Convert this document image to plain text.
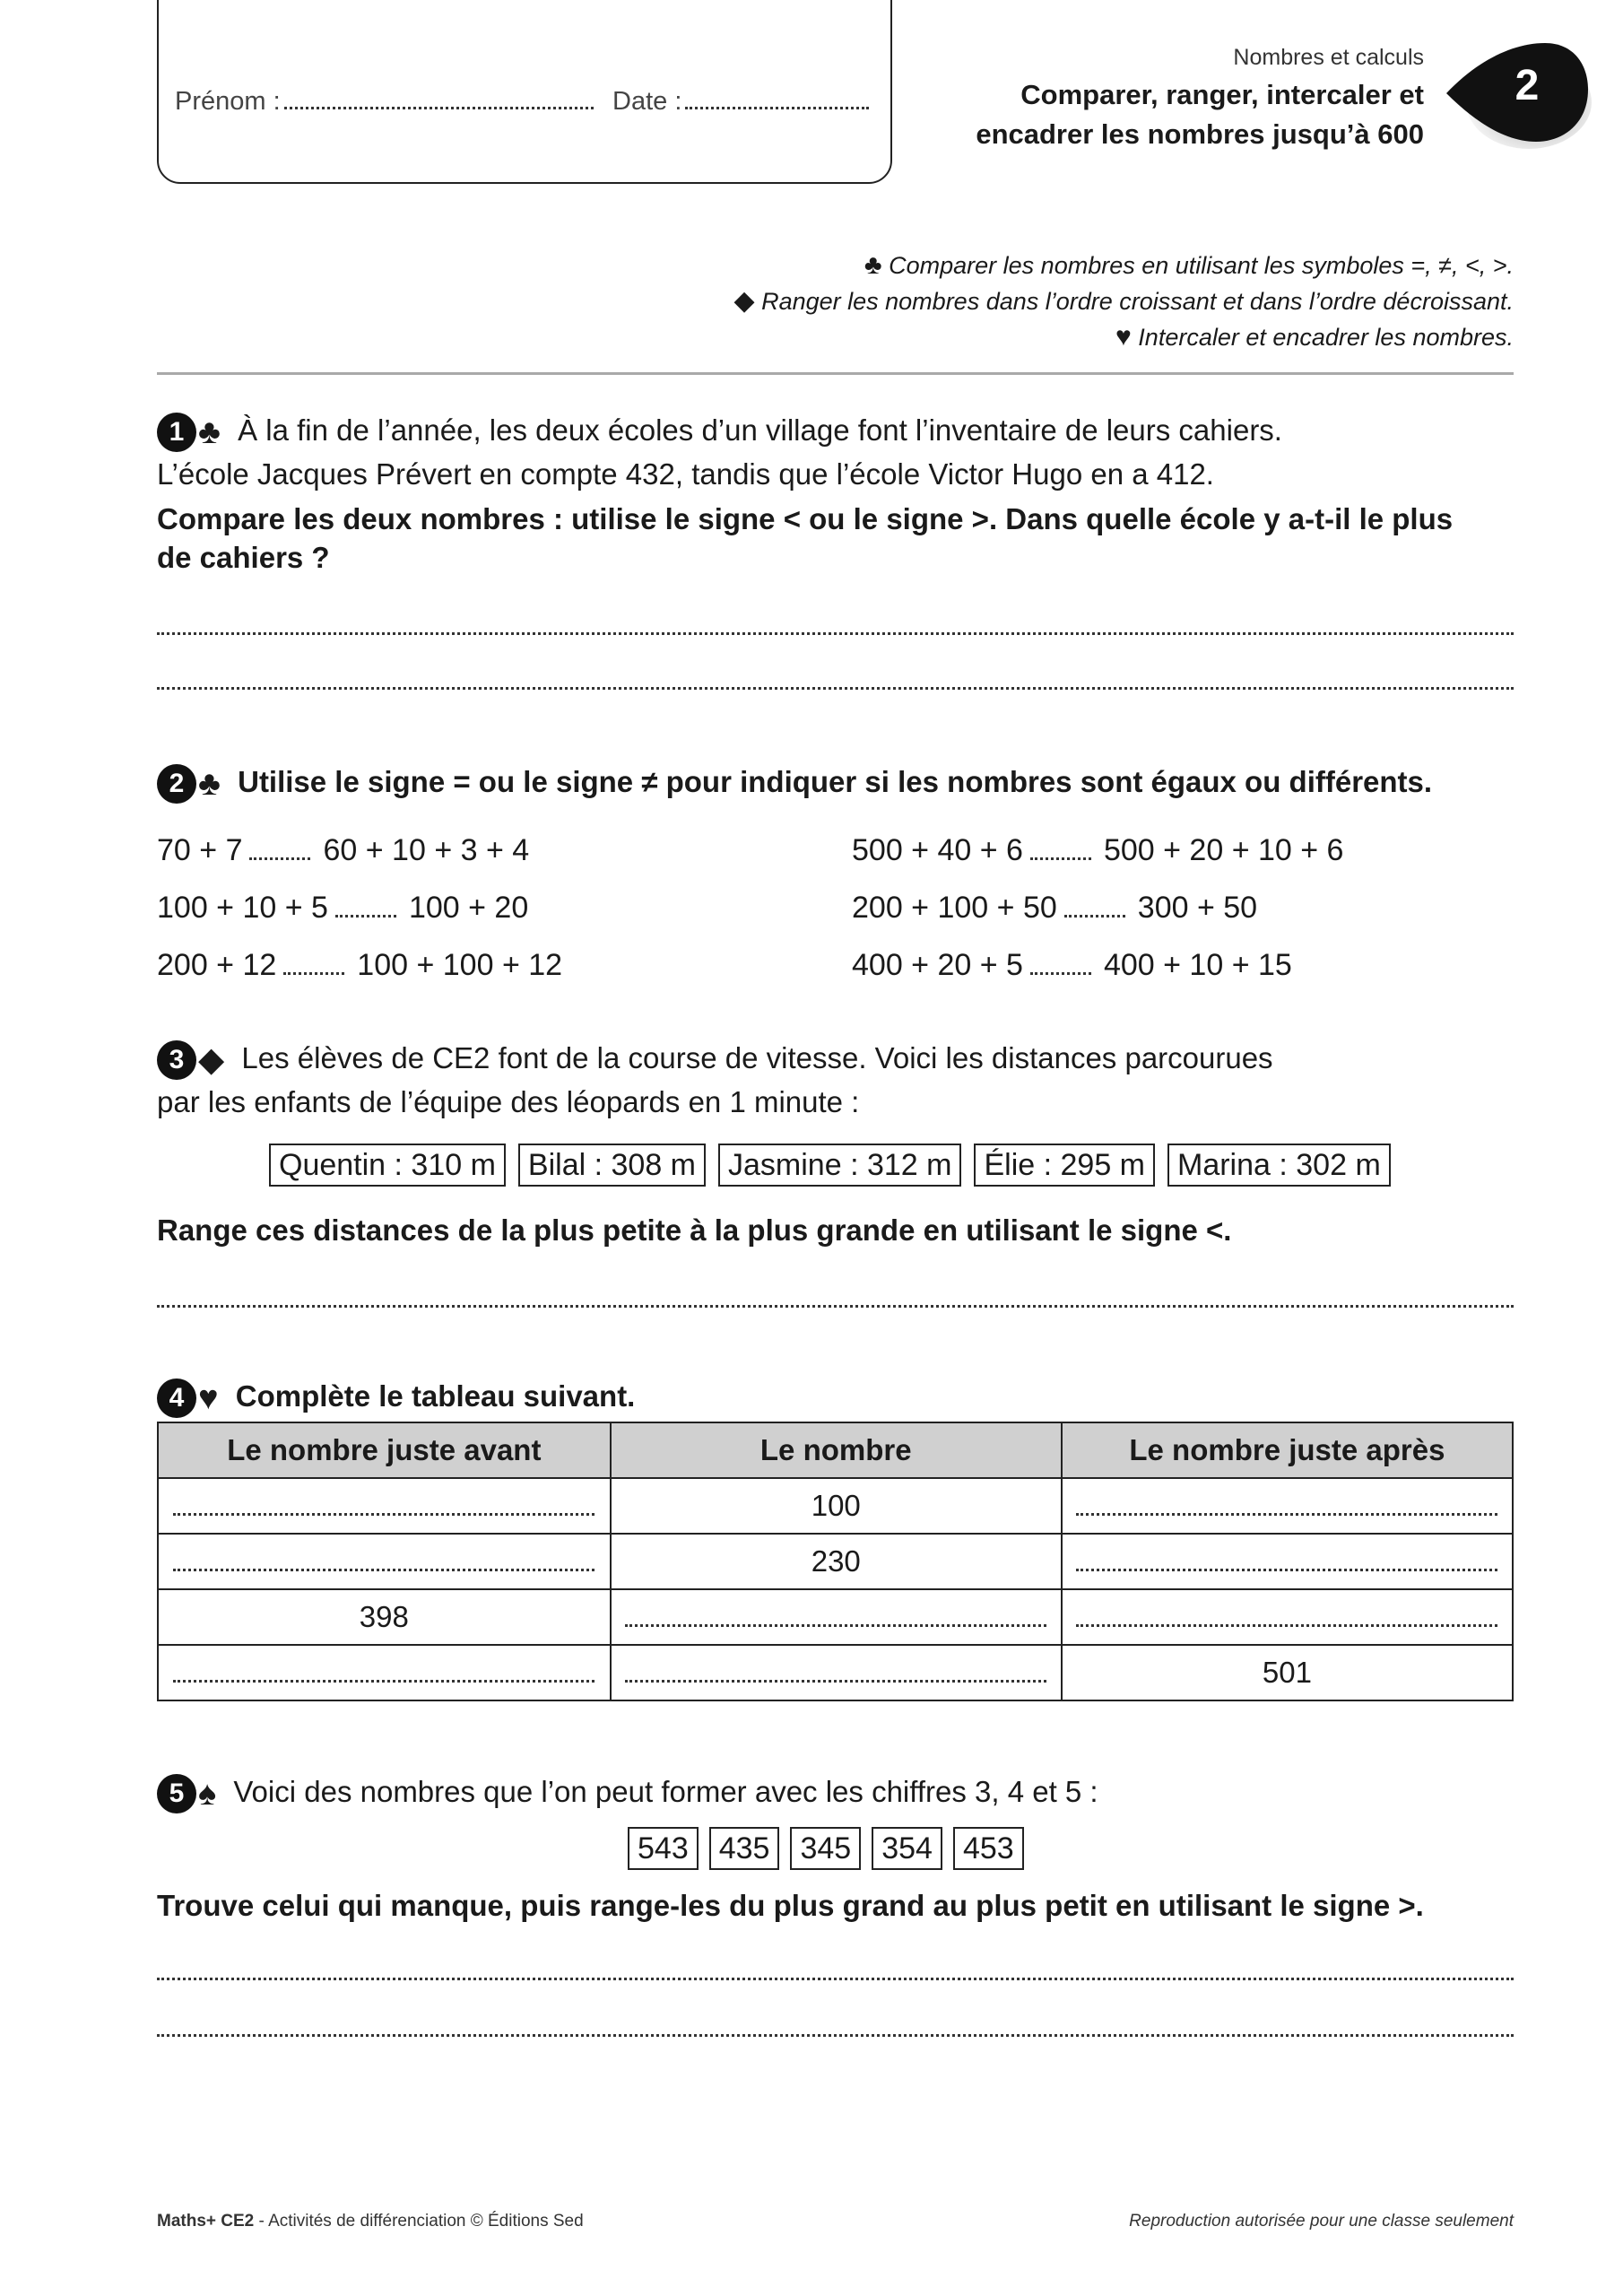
Prénom :	Date :
Nombres et calculs
Comparer, ranger, intercaler et
encadrer les nombres jusqu’à 600
2
♣ Comparer les nombres en utilisant les symboles =, ≠, <, >.
◆ Ranger les nombres dans l’ordre croissant et dans l’ordre décroissant.
♥ Intercaler et encadrer les nombres.
1 ♣ À la fin de l’année, les deux écoles d’un village font l’inventaire de leurs cahiers.
L’école Jacques Prévert en compte 432, tandis que l’école Victor Hugo en a 412.
Compare les deux nombres : utilise le signe < ou le signe >. Dans quelle école y a-t-il le plus
de cahiers ?
2 ♣ Utilise le signe = ou le signe ≠ pour indiquer si les nombres sont égaux ou différents.
70 + 7	60 + 10 + 3 + 4
100 + 10 + 5	100 + 20
200 + 12	100 + 100 + 12
500 + 40 + 6	500 + 20 + 10 + 6
200 + 100 + 50	300 + 50
400 + 20 + 5	400 + 10 + 15
3 ◆ Les élèves de CE2 font de la course de vitesse. Voici les distances parcourues
par les enfants de l’équipe des léopards en 1 minute :
Quentin : 310 m Bilal : 308 m Jasmine : 312 m Élie : 295 m Marina : 302 m
Range ces distances de la plus petite à la plus grande en utilisant le signe <.
4 ♥ Complète le tableau suivant.
Le nombre juste avant	Le nombre	Le nombre juste après
	100	
	230	
398		
		501
5 ♠ Voici des nombres que l’on peut former avec les chiffres 3, 4 et 5 :
543 435 345 354 453
Trouve celui qui manque, puis range-les du plus grand au plus petit en utilisant le signe >.
Maths+ CE2 - Activités de différenciation © Éditions Sed	Reproduction autorisée pour une classe seulement
